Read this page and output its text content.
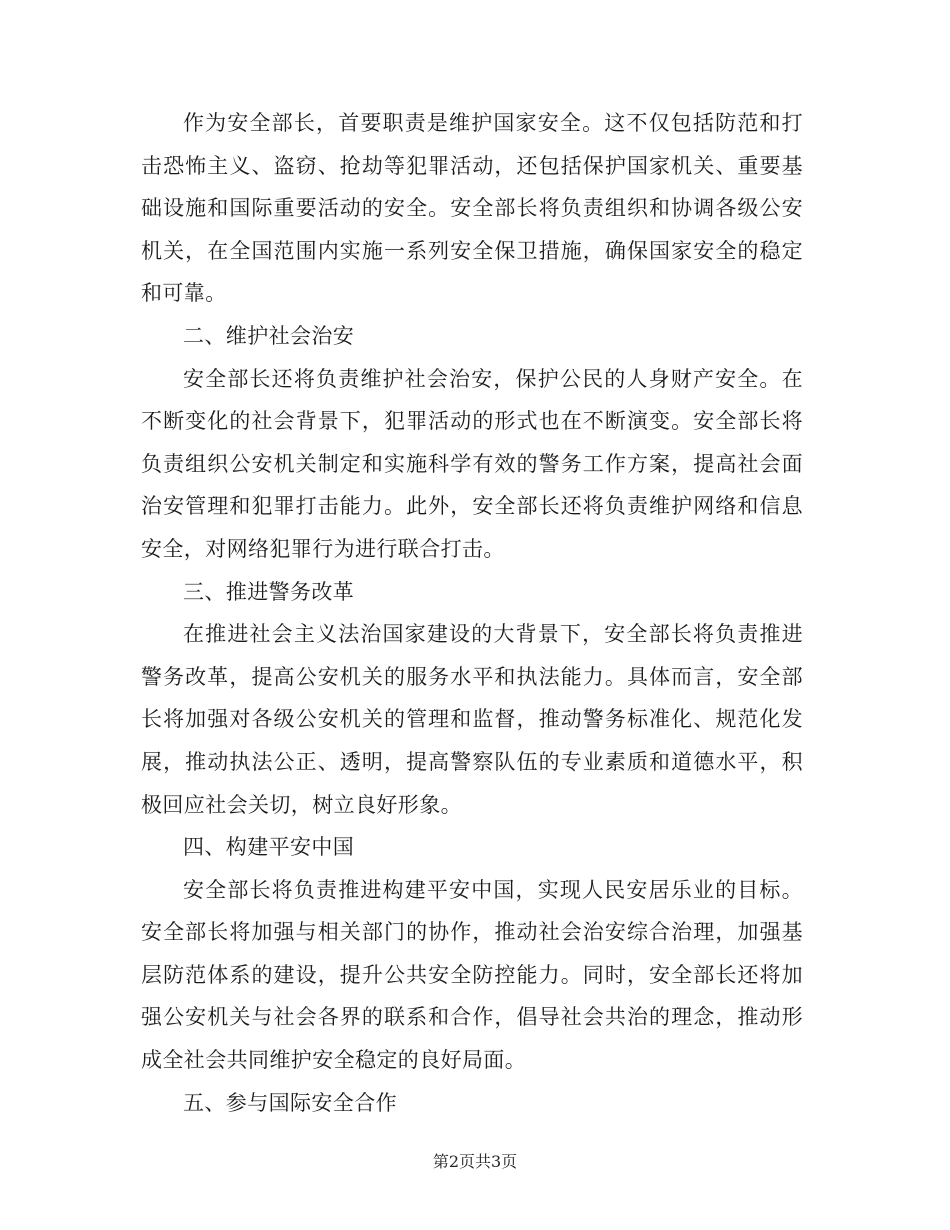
作为安全部长，首要职责是维护国家安全。这不仅包括防范和打击恐怖主义、盗窃、抢劫等犯罪活动，还包括保护国家机关、重要基础设施和国际重要活动的安全。安全部长将负责组织和协调各级公安机关，在全国范围内实施一系列安全保卫措施，确保国家安全的稳定和可靠。

二、维护社会治安

安全部长还将负责维护社会治安，保护公民的人身财产安全。在不断变化的社会背景下，犯罪活动的形式也在不断演变。安全部长将负责组织公安机关制定和实施科学有效的警务工作方案，提高社会面治安管理和犯罪打击能力。此外，安全部长还将负责维护网络和信息安全，对网络犯罪行为进行联合打击。

三、推进警务改革

在推进社会主义法治国家建设的大背景下，安全部长将负责推进警务改革，提高公安机关的服务水平和执法能力。具体而言，安全部长将加强对各级公安机关的管理和监督，推动警务标准化、规范化发展，推动执法公正、透明，提高警察队伍的专业素质和道德水平，积极回应社会关切，树立良好形象。

四、构建平安中国

安全部长将负责推进构建平安中国，实现人民安居乐业的目标。安全部长将加强与相关部门的协作，推动社会治安综合治理，加强基层防范体系的建设，提升公共安全防控能力。同时，安全部长还将加强公安机关与社会各界的联系和合作，倡导社会共治的理念，推动形成全社会共同维护安全稳定的良好局面。

五、参与国际安全合作

第2页共3页
